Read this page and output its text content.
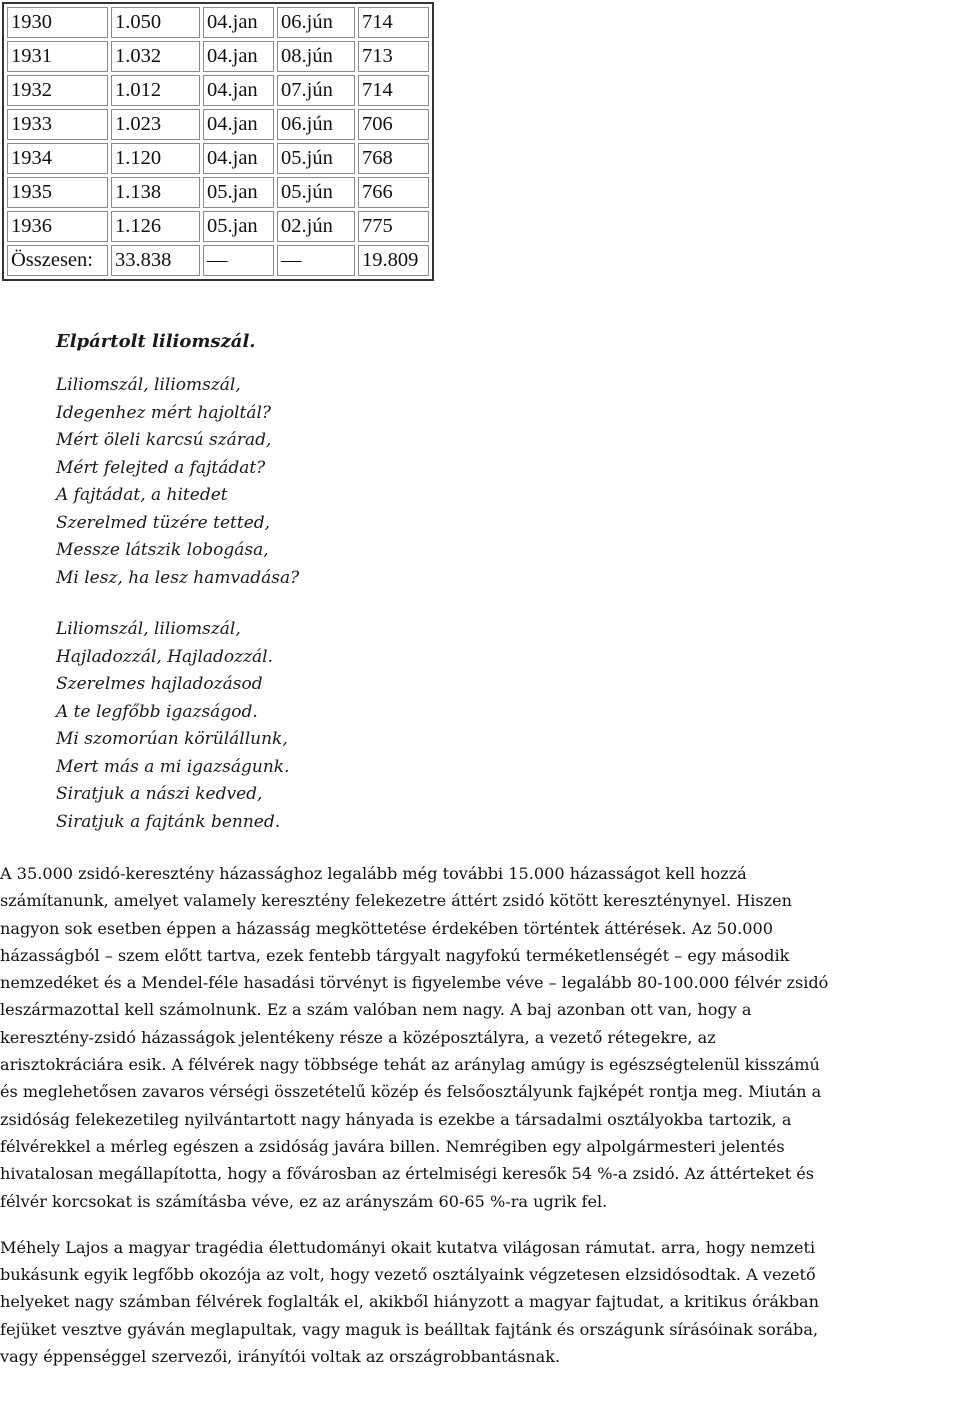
1930	1.050	04.jan	06.jún	714
1931	1.032	04.jan	08.jún	713
1932	1.012	04.jan	07.jún	714
1933	1.023	04.jan	06.jún	706
1934	1.120	04.jan	05.jún	768
1935	1.138	05.jan	05.jún	766
1936	1.126	05.jan	02.jún	775
Összesen:	33.838	—	—	19.809
Elpártolt liliomszál.
Liliomszál, liliomszál,
Idegenhez mért hajoltál?
Mért öleli karcsú szárad,
Mért felejted a fajtádat?
A fajtádat, a hitedet
Szerelmed tüzére tetted,
Messze látszik lobogása,
Mi lesz, ha lesz hamvadása?
Liliomszál, liliomszál,
Hajladozzál, Hajladozzál.
Szerelmes hajladozásod
A te legfőbb igazságod.
Mi szomorúan körülállunk,
Mert más a mi igazságunk.
Siratjuk a nászi kedved,
Siratjuk a fajtánk benned.

A 35.000 zsidó-keresztény házassághoz legalább még további 15.000 házasságot kell hozzá
számítanunk, amelyet valamely keresztény felekezetre áttért zsidó kötött kereszténynyel. Hiszen
nagyon sok esetben éppen a házasság megköttetése érdekében történtek áttérések. Az 50.000
házasságból – szem előtt tartva, ezek fentebb tárgyalt nagyfokú terméketlenségét – egy második
nemzedéket és a Mendel-féle hasadási törvényt is figyelembe véve – legalább 80-100.000 félvér zsidó
leszármazottal kell számolnunk. Ez a szám valóban nem nagy. A baj azonban ott van, hogy a
keresztény-zsidó házasságok jelentékeny része a középosztályra, a vezető rétegekre, az
arisztokráciára esik. A félvérek nagy többsége tehát az aránylag amúgy is egészségtelenül kisszámú
és meglehetősen zavaros vérségi összetételű közép és felsőosztályunk fajképét rontja meg. Miután a
zsidóság felekezetileg nyilvántartott nagy hányada is ezekbe a társadalmi osztályokba tartozik, a
félvérekkel a mérleg egészen a zsidóság javára billen. Nemrégiben egy alpolgármesteri jelentés
hivatalosan megállapította, hogy a fővárosban az értelmiségi keresők 54 %-a zsidó. Az áttérteket és
félvér korcsokat is számításba véve, ez az arányszám 60-65 %-ra ugrik fel.

Méhely Lajos a magyar tragédia élettudományi okait kutatva világosan rámutat. arra, hogy nemzeti
bukásunk egyik legfőbb okozója az volt, hogy vezető osztályaink végzetesen elzsidósodtak. A vezető
helyeket nagy számban félvérek foglalták el, akikből hiányzott a magyar fajtudat, a kritikus órákban
fejüket vesztve gyáván meglapultak, vagy maguk is beálltak fajtánk és országunk sírásóinak sorába,
vagy éppenséggel szervezői, irányítói voltak az országrobbantásnak.
